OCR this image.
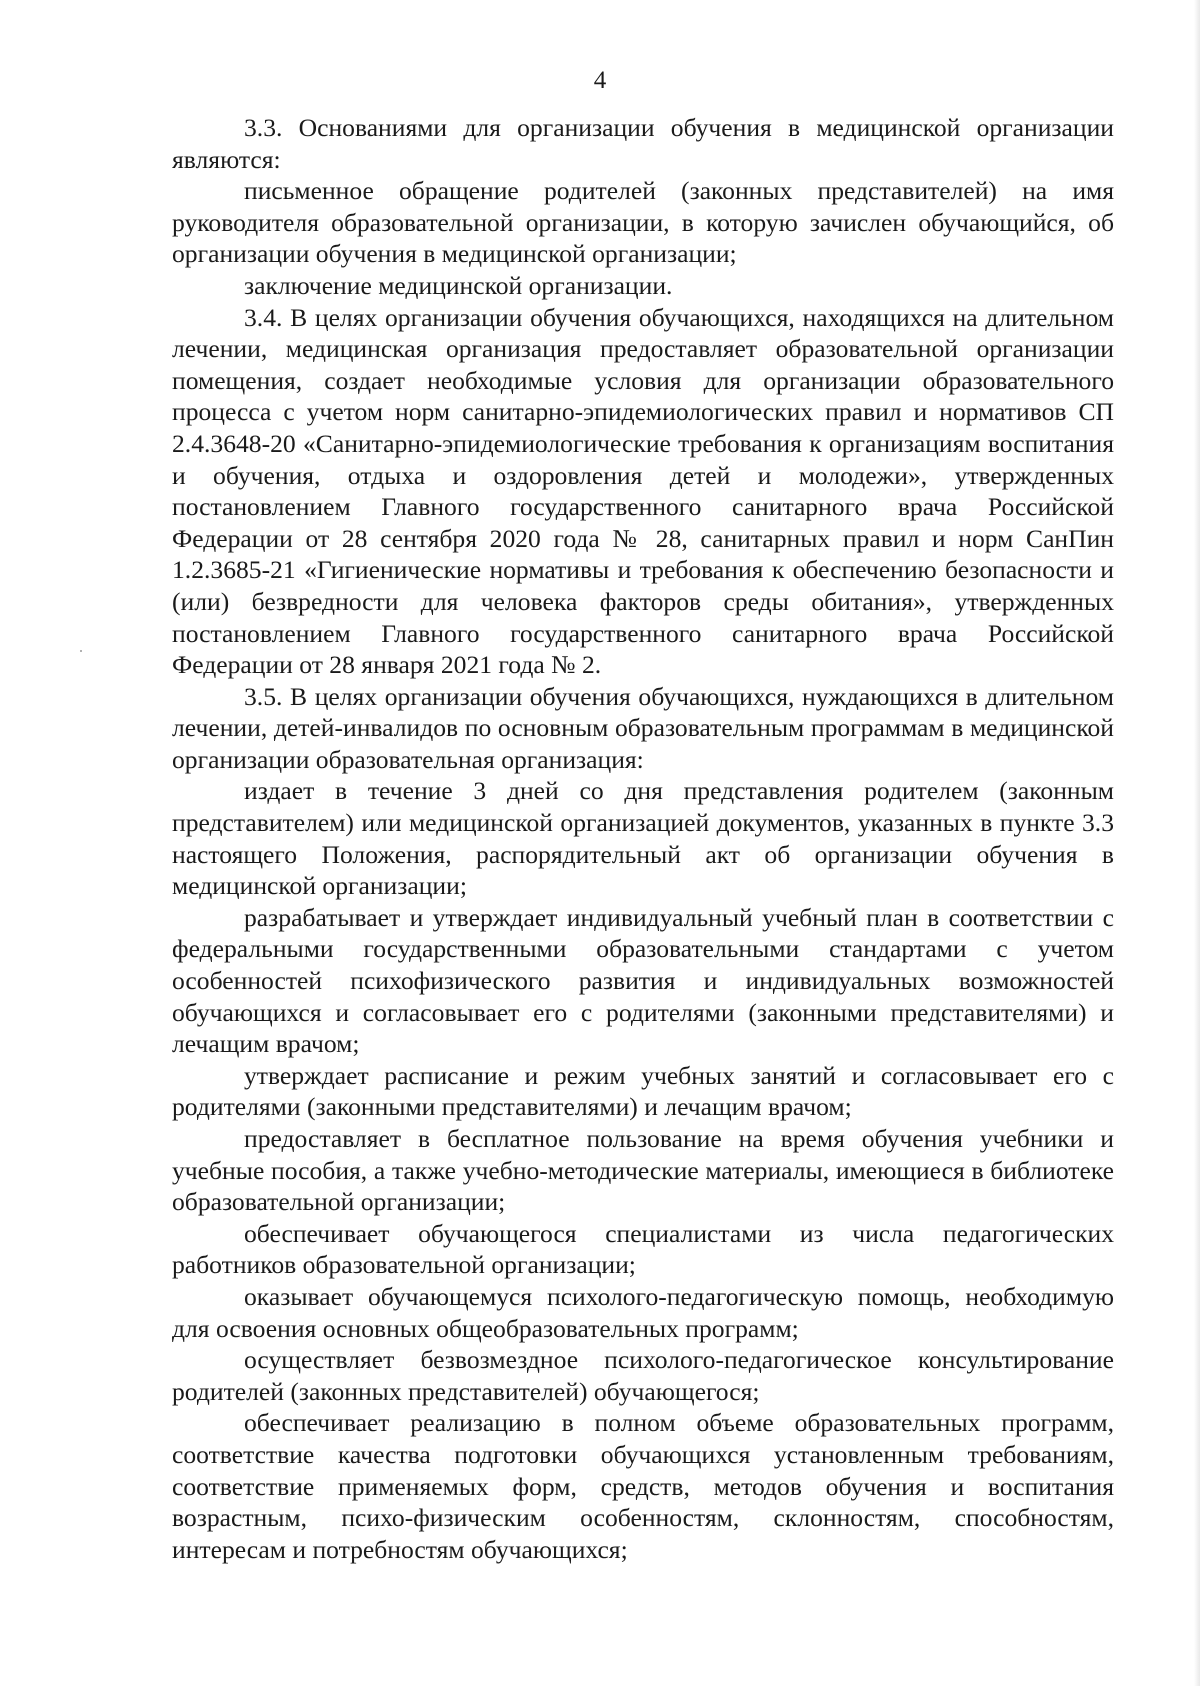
4

3.3. Основаниями для организации обучения в медицинской организации являются:

письменное обращение родителей (законных представителей) на имя руководителя образовательной организации, в которую зачислен обучающийся, об организации обучения в медицинской организации;

заключение медицинской организации.

3.4. В целях организации обучения обучающихся, находящихся на длительном лечении, медицинская организация предоставляет образовательной организации помещения, создает необходимые условия для организации образовательного процесса с учетом норм санитарно-эпидемиологических правил и нормативов СП 2.4.3648-20 «Санитарно-эпидемиологические требования к организациям воспитания и обучения, отдыха и оздоровления детей и молодежи», утвержденных постановлением Главного государственного санитарного врача Российской Федерации от 28 сентября 2020 года № 28, санитарных правил и норм СанПин 1.2.3685-21 «Гигиенические нормативы и требования к обеспечению безопасности и (или) безвредности для человека факторов среды обитания», утвержденных постановлением Главного государственного санитарного врача Российской Федерации от 28 января 2021 года № 2.

3.5. В целях организации обучения обучающихся, нуждающихся в длительном лечении, детей-инвалидов по основным образовательным программам в медицинской организации образовательная организация:

издает в течение 3 дней со дня представления родителем (законным представителем) или медицинской организацией документов, указанных в пункте 3.3 настоящего Положения, распорядительный акт об организации обучения в медицинской организации;

разрабатывает и утверждает индивидуальный учебный план в соответствии с федеральными государственными образовательными стандартами с учетом особенностей психофизического развития и индивидуальных возможностей обучающихся и согласовывает его с родителями (законными представителями) и лечащим врачом;

утверждает расписание и режим учебных занятий и согласовывает его с родителями (законными представителями) и лечащим врачом;

предоставляет в бесплатное пользование на время обучения учебники и учебные пособия, а также учебно-методические материалы, имеющиеся в библиотеке образовательной организации;

обеспечивает обучающегося специалистами из числа педагогических работников образовательной организации;

оказывает обучающемуся психолого-педагогическую помощь, необходимую для освоения основных общеобразовательных программ;

осуществляет безвозмездное психолого-педагогическое консультирование родителей (законных представителей) обучающегося;

обеспечивает реализацию в полном объеме образовательных программ, соответствие качества подготовки обучающихся установленным требованиям, соответствие применяемых форм, средств, методов обучения и воспитания возрастным, психо-физическим особенностям, склонностям, способностям, интересам и потребностям обучающихся;
